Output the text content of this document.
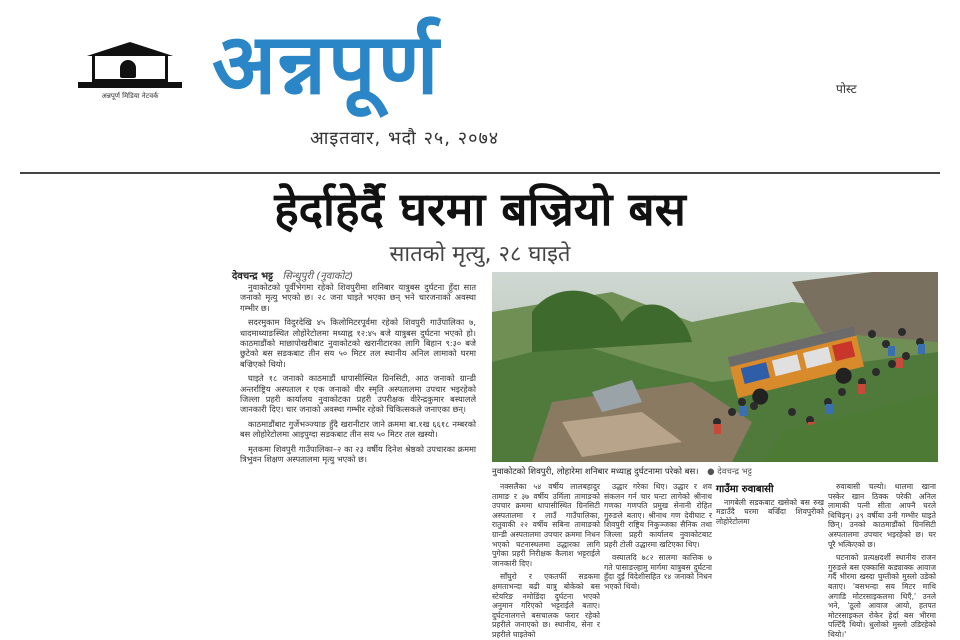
अन्नपूर्ण मिडिया नेटवर्क अन्नपूर्ण	पोस्ट
आइतवार, भदौ २५, २०७४
हेर्दाहेर्दै घरमा बज्रियो बस
सातको मृत्यु, २८ घाइते
देवचन्द्र भट्ट सिन्धुपुरी (नुवाकोट)
नुवाकोटको पूर्वीभेगमा रहेको शिवपुरीमा शनिबार यात्रुबस दुर्घटना हुँदा सात जनाको मृत्यु भएको छ। २८ जना घाइते भएका छन् भने चारजनाको अवस्था गम्भीर छ।
सदरमुकाम विदुरदेखि ४५ किलोमिटरपूर्वमा रहेको शिवपुरी गाउँपालिका ७, धादमाथ्याङस्थित लोहोरेटोलमा मध्याह्न १२:४५ बजे यात्रुबस दुर्घटना भएको हो। काठमाडौंको माछापोखरीबाट नुवाकोटको खरानीटारका लागि बिहान ९:३० बजे छुटेको बस सडकबाट तीन सय ५० मिटर तल स्थानीय अनिल लामाको घरमा बज्रिएको थियो।
घाइते १८ जनाको काठमाडौं धापासीस्थित ग्रिनसिटी, आठ जनाको ग्रान्डी अन्तर्राष्ट्रिय अस्पताल र एक जनाको वीर स्मृति अस्पतालमा उपचार भइरहेको जिल्ला प्रहरी कार्यालय नुवाकोटका प्रहरी उपरीक्षक वीरेन्द्रकुमार बस्यालले जानकारी दिए। चार जनाको अवस्था गम्भीर रहेको चिकित्सकले जनाएका छन्।
काठमाडौंबाट गुर्जेभञ्ज्याङ हुँदै खरानीटार जाने क्रममा बा.१ख ६६१८ नम्बरको बस लोहोरेटोलमा आइपुग्दा सडकबाट तीन सय ५० मिटर तल खस्यो।
मृतकमा शिवपुरी गाउँपालिका–२ का २३ वर्षीय दिनेश श्रेष्ठको उपचारका क्रममा त्रिभुवन शिक्षण अस्पतालमा मृत्यु भएको छ।
नुवाकोटको शिवपुरी, लोहारेमा शनिबार मध्याह्न दुर्घटनामा परेको बस। ● देवचन्द्र भट्ट
नक्सलैका ५४ वर्षीय लालबहादुर तामाङ र ३७ वर्षीय उर्मिला तामाङको उपचार क्रममा धापासीस्थित ग्रिनसिटी अस्पतालमा र लाउँ गाउँपालिका, रातुवाकी २२ वर्षीय सबिना तामाङको ग्रान्डी अस्पतालमा उपचार क्रममा निधन भएको घटनास्थलमा उद्धारका लागि पुगेका प्रहरी निरीक्षक कैलाश भट्टराईले जानकारी दिए।
साँघुरो र एकतर्फी सडकमा क्षमताभन्दा बढी यात्रु बोकेको बस स्टेयरिङ नमोडिंदा दुर्घटना भएको अनुमान गरिएको भट्टराईले बताए। दुर्घटनालगत्ते बसचालक फरार रहेको प्रहरीले जनाएको छ। स्थानीय, सेना र प्रहरीले घाइतेको
उद्धार गरेका थिए। उद्धार र शव संकलन गर्न चार घन्टा लागेको श्रीनाथ गणका गणपति प्रमुख सेनानी रोहित गुरुङले बताए। श्रीनाथ गण देवीघाट र शिवपुरी राष्ट्रिय निकुञ्जका सैनिक तथा जिल्ला प्रहरी कार्यालय नुवाकोटबाट प्रहरी टोली उद्धारमा खटिएका थिए।
वस्यालदि ७८२ सालमा कात्तिक ७ गते पासाङल्हामु मार्गमा यात्रुबस दुर्घटना हुँदा दुई विदेशीसहित १४ जनाको निधन भएको थियो।
गाउँमा रुवाबासी
नागबेली सडकबाट खसेको बस रुख मडाउँदै घरमा बज्रिँदा शिवपुरीको लोहोरेटोलमा
रुवाबासी चल्यो। थालमा खाना पस्केर खान ठिक्क परेकी अनिल लामाकी पत्नी सीता आफ्नै घरले थिचिइन्। ३९ वर्षीया उनी गम्भीर घाइते छिन्। उनको काठमाडौंको ग्रिनसिटी अस्पतालमा उपचार भइरहेको छ। घर पूरै भत्किएको छ।
घटनाको प्रत्यक्षदर्शी स्थानीय राजन गुरुङले बस एक्कासि कड्याक्क आवाज गर्दै भीरमा खस्दा घुम्तीको मुस्लो उडेको बताए। 'बसभन्दा सय मिटर माथि अगाडि मोटरसाइकलमा थिएँ,' उनले भने, 'ठूलो आवाज आयो, हतपत मोटरसाइकल रोकेर हेर्दा बस भीरमा पल्टिँदै थियो। धुलोको मुस्लो उडिरहेको थियो।'
